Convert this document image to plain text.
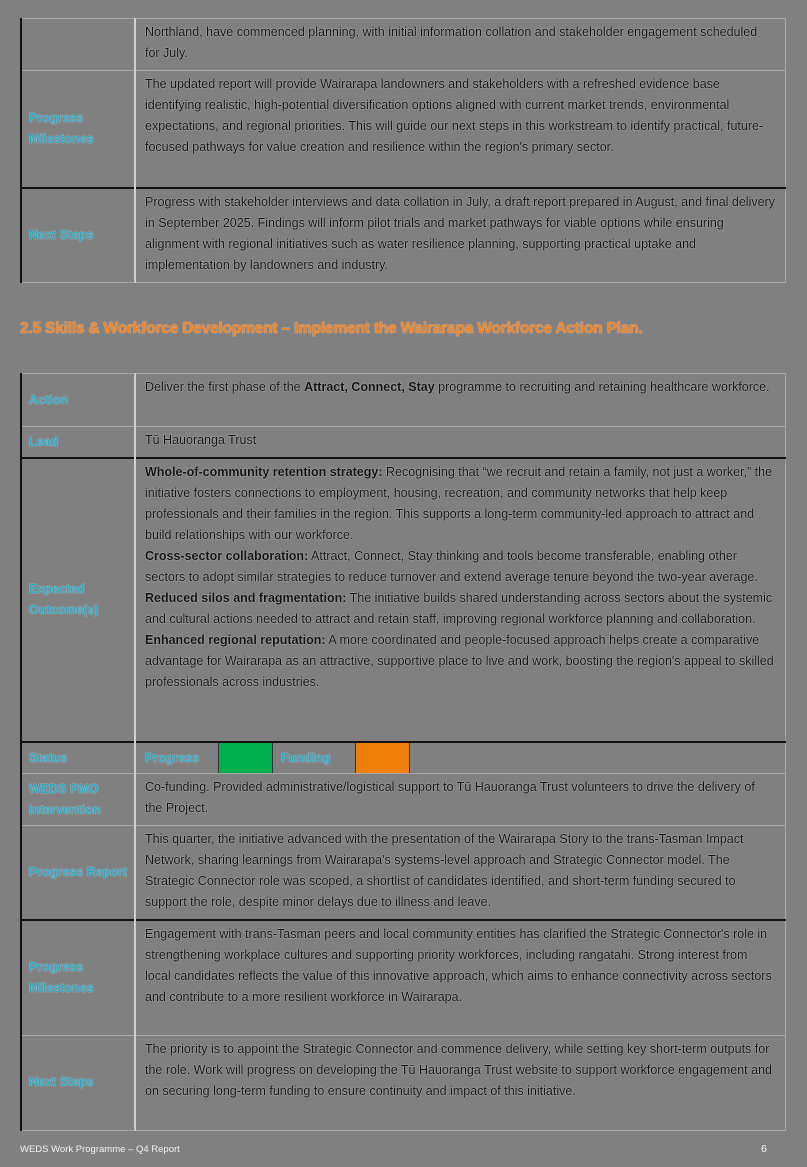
	Northland, have commenced planning, with initial information collation and stakeholder engagement scheduled for July.
Progress Milestones	The updated report will provide Wairarapa landowners and stakeholders with a refreshed evidence base identifying realistic, high-potential diversification options aligned with current market trends, environmental expectations, and regional priorities. This will guide our next steps in this workstream to identify practical, future-focused pathways for value creation and resilience within the region's primary sector.
Next Steps	Progress with stakeholder interviews and data collation in July, a draft report prepared in August, and final delivery in September 2025. Findings will inform pilot trials and market pathways for viable options while ensuring alignment with regional initiatives such as water resilience planning, supporting practical uptake and implementation by landowners and industry.
2.5 Skills & Workforce Development – Implement the Wairarapa Workforce Action Plan.
Action	Deliver the first phase of the Attract, Connect, Stay programme to recruiting and retaining healthcare workforce.
Lead	Tū Hauoranga Trust
Expected Outcome(s)	Whole-of-community retention strategy: Recognising that “we recruit and retain a family, not just a worker,” the initiative fosters connections to employment, housing, recreation, and community networks that help keep professionals and their families in the region. This supports a long-term community-led approach to attract and build relationships with our workforce.
Cross-sector collaboration: Attract, Connect, Stay thinking and tools become transferable, enabling other sectors to adopt similar strategies to reduce turnover and extend average tenure beyond the two-year average.
Reduced silos and fragmentation: The initiative builds shared understanding across sectors about the systemic and cultural actions needed to attract and retain staff, improving regional workforce planning and collaboration.
Enhanced regional reputation: A more coordinated and people-focused approach helps create a comparative advantage for Wairarapa as an attractive, supportive place to live and work, boosting the region's appeal to skilled professionals across industries.

Status	Progress Funding

WEDS PMO Intervention	Co-funding. Provided administrative/logistical support to Tū Hauoranga Trust volunteers to drive the delivery of the Project.
Progress Report	This quarter, the initiative advanced with the presentation of the Wairarapa Story to the trans-Tasman Impact Network, sharing learnings from Wairarapa's systems-level approach and Strategic Connector model. The Strategic Connector role was scoped, a shortlist of candidates identified, and short-term funding secured to support the role, despite minor delays due to illness and leave.
Progress Milestones	Engagement with trans-Tasman peers and local community entities has clarified the Strategic Connector's role in strengthening workplace cultures and supporting priority workforces, including rangatahi. Strong interest from local candidates reflects the value of this innovative approach, which aims to enhance connectivity across sectors and contribute to a more resilient workforce in Wairarapa.
Next Steps	The priority is to appoint the Strategic Connector and commence delivery, while setting key short-term outputs for the role. Work will progress on developing the Tū Hauoranga Trust website to support workforce engagement and on securing long-term funding to ensure continuity and impact of this initiative.
WEDS Work Programme – Q4 Report	6
